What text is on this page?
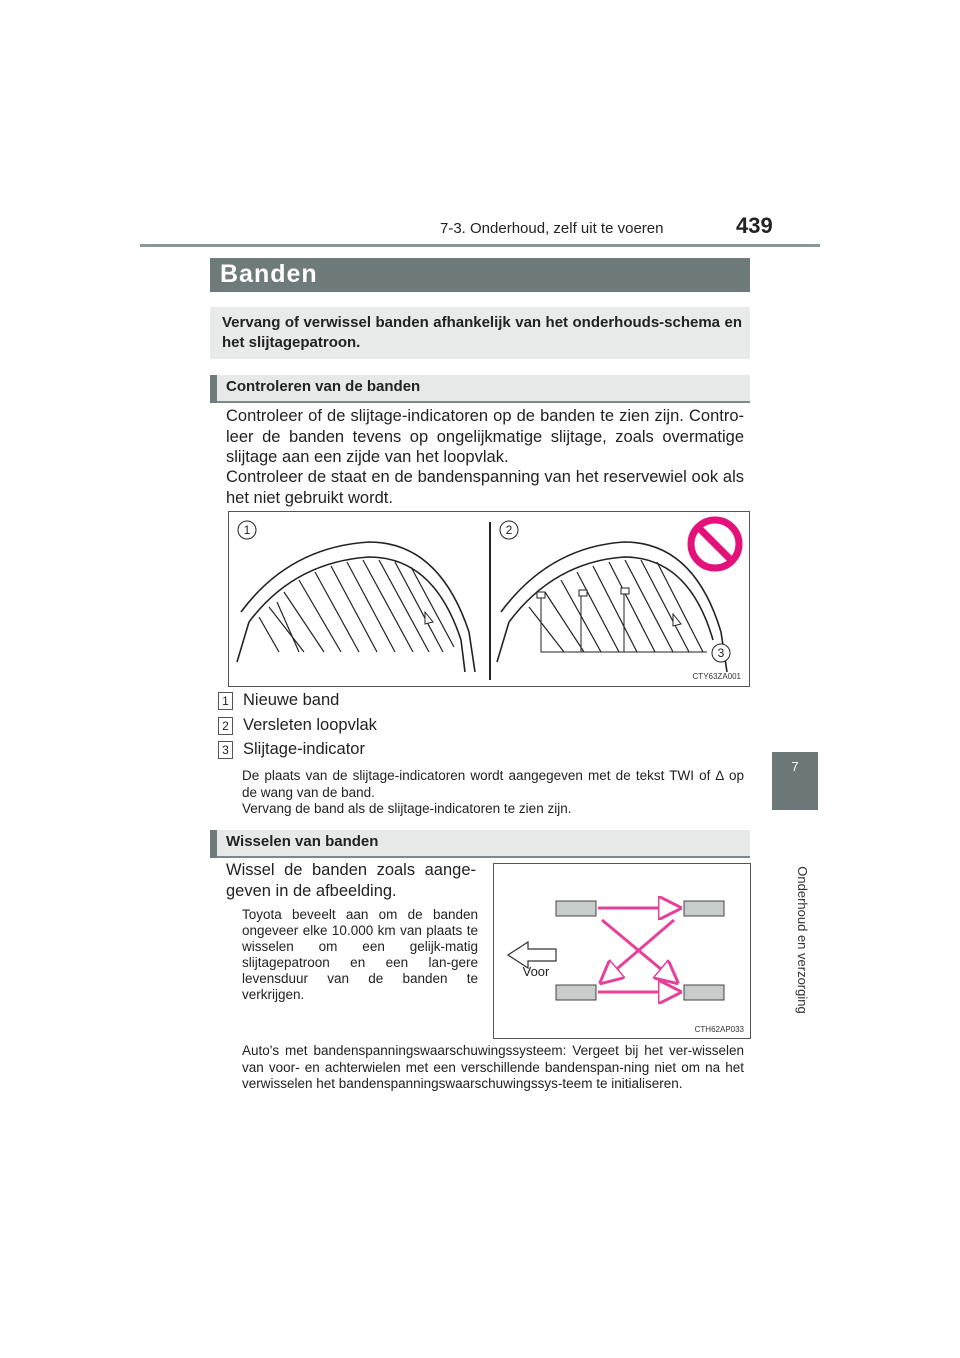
7-3. Onderhoud, zelf uit te voeren	439
7
Onderhoud en verzorging
Banden
Vervang of verwissel banden afhankelijk van het onderhouds-schema en het slijtagepatroon.
Controleren van de banden
Controleer of de slijtage-indicatoren op de banden te zien zijn. Contro-leer de banden tevens op ongelijkmatige slijtage, zoals overmatige slijtage aan een zijde van het loopvlak.
Controleer de staat en de bandenspanning van het reservewiel ook als het niet gebruikt wordt.
1	2
3
CTY63ZA001
1 Nieuwe band
2 Versleten loopvlak
3 Slijtage-indicator
De plaats van de slijtage-indicatoren wordt aangegeven met de tekst TWI of ∆ op de wang van de band.
Vervang de band als de slijtage-indicatoren te zien zijn.
Wisselen van banden
Wissel de banden zoals aange-geven in de afbeelding.
Toyota beveelt aan om de banden ongeveer elke 10.000 km van plaats te wisselen om een gelijk-matig slijtagepatroon en een lan-gere levensduur van de banden te verkrijgen.
Voor
CTH62AP033
Auto's met bandenspanningswaarschuwingssysteem: Vergeet bij het ver-wisselen van voor- en achterwielen met een verschillende bandenspan-ning niet om na het verwisselen het bandenspanningswaarschuwingssys-teem te initialiseren.
